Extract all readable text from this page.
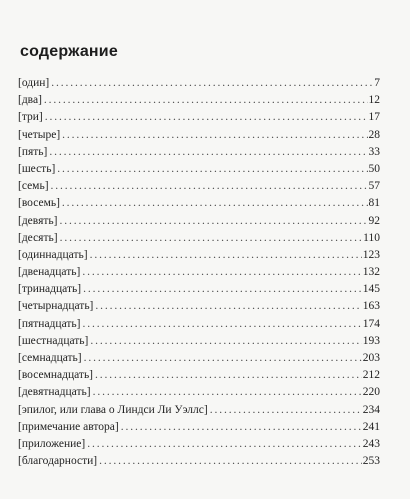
содержание
[один] . . .	7
[два] . . .	12
[три] . . .	17
[четыре] . . .	28
[пять] . . .	33
[шесть] . . .	50
[семь] . . .	57
[восемь] . . .	81
[девять] . . .	92
[десять] . . .	110
[одиннадцать] . . .	123
[двенадцать] . . .	132
[тринадцать] . . .	145
[четырнадцать] . . .	163
[пятнадцать] . . .	174
[шестнадцать] . . .	193
[семнадцать] . . .	203
[восемнадцать] . . .	212
[девятнадцать] . . .	220
[эпилог, или глава о Линдси Ли Уэллс] . . .	234
[примечание автора] . . .	241
[приложение] . . .	243
[благодарности] . . .	253
